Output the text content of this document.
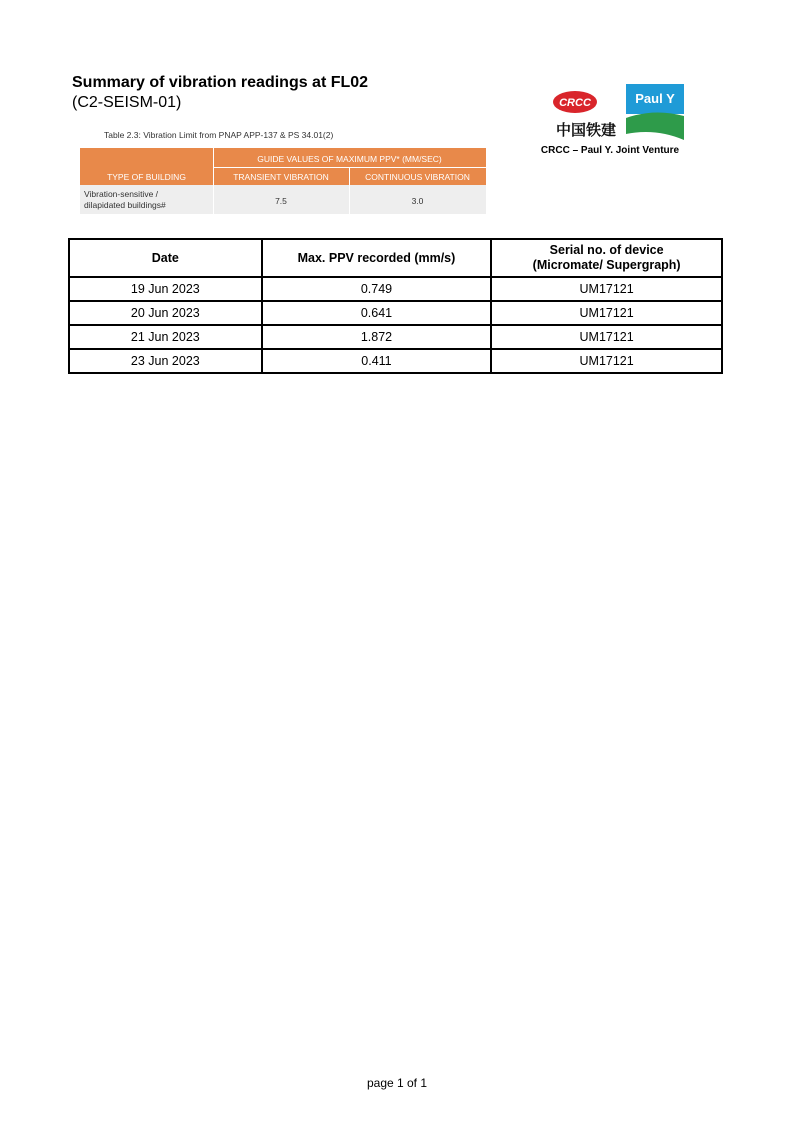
Summary of vibration readings at FL02
(C2-SEISM-01)	CRCC	Paul Y
中国铁建
CRCC – Paul Y. Joint Venture
Table 2.3: Vibration Limit from PNAP APP-137 & PS 34.01(2)
GUIDE VALUES OF MAXIMUM PPV* (MM/SEC)
TYPE OF BUILDING	TRANSIENT VIBRATION	CONTINUOUS VIBRATION
Vibration-sensitive /
dilapidated buildings#	7.5	3.0
Date	Max. PPV recorded (mm/s)	Serial no. of device
(Micromate/ Supergraph)

19 Jun 2023	0.749	UM17121
20 Jun 2023	0.641	UM17121
21 Jun 2023	1.872	UM17121
23 Jun 2023	0.411	UM17121
page 1 of 1
